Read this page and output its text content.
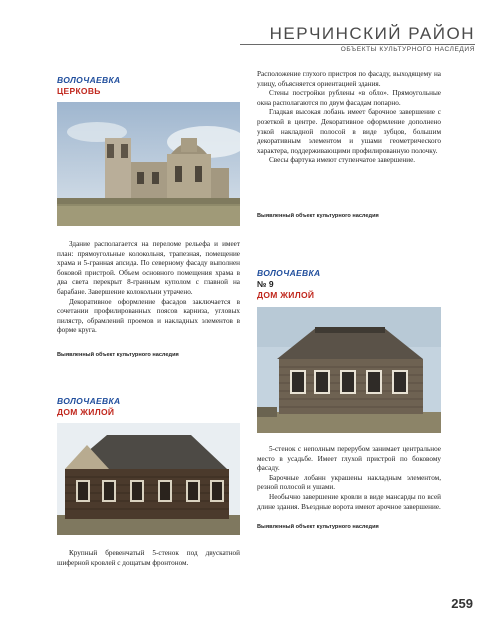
НЕРЧИНСКИЙ РАЙОН
ОБЪЕКТЫ КУЛЬТУРНОГО НАСЛЕДИЯ
ВОЛОЧАЕВКА
ЦЕРКОВЬ

Здание располагается на переломе рельефа и имеет план: прямоугольные колокольня, трапезная, помещение храма и 5-гранная апсида. По северному фасаду выполнен боковой пристрой. Объем основного помещения храма в два света перекрыт 8-гранным куполом с главной на барабане. Завершение колокольни утрачено.

Декоративное оформление фасадов заключается в сочетании профилированных поясов карниза, угловых пилястр, обрамлений проемов и накладных элементов в форме круга.

Выявленный объект культурного наследия

Расположение глухого пристроя по фасаду, выходящему на улицу, объясняется ориентацией здания.

Стены постройки рублены «в обло». Прямоугольные окна располагаются по двум фасадам попарно.

Гладкая высокая лобань имеет барочное завершение с розеткой в центре. Декоративное оформление дополнено узкой накладной полосой в виде зубцов, большим декоративным элементом и ушами геометрического характера, поддерживающими профилированную полочку.

Свесы фартука имеют ступенчатое завершение.

Выявленный объект культурного наследия
ВОЛОЧАЕВКА
№ 9
ДОМ ЖИЛОЙ

5-стенок с неполным перерубом занимает центральное место в усадьбе. Имеет глухой пристрой по боковому фасаду.

Барочные лобанн украшены накладным элементом, резной полосой и ушами.

Необычно завершение кровли в виде мансарды по всей длине здания. Въездные ворота имеют арочное завершение.

Выявленный объект культурного наследия
ВОЛОЧАЕВКА
ДОМ ЖИЛОЙ

Крупный бревенчатый 5-стенок под двускатной шиферной кровлей с дощатым фронтоном.

259
